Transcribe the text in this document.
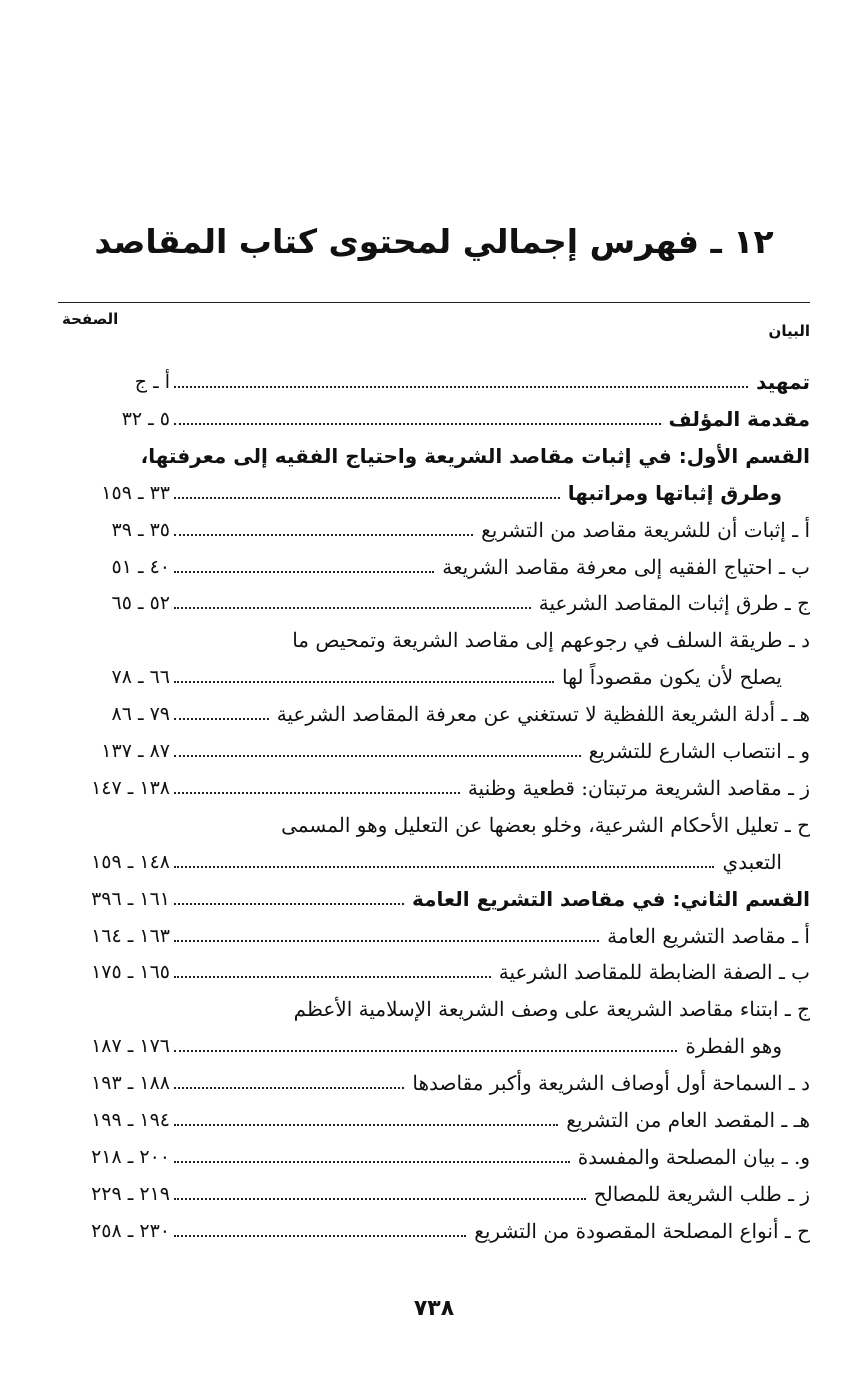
١٢ ـ فهرس إجمالي لمحتوى كتاب المقاصد
البيان
الصفحة
تمهيد
أ ـ ج
مقدمة المؤلف
٥ ـ ٣٢
القسم الأول: في إثبات مقاصد الشريعة واحتياج الفقيه إلى معرفتها،
وطرق إثباتها ومراتبها
٣٣ ـ ١٥٩
أ ـ إثبات أن للشريعة مقاصد من التشريع
٣٥ ـ ٣٩
ب ـ احتياج الفقيه إلى معرفة مقاصد الشريعة
٤٠ ـ ٥١
ج ـ طرق إثبات المقاصد الشرعية
٥٢ ـ ٦٥
د ـ طريقة السلف في رجوعهم إلى مقاصد الشريعة وتمحيص ما
يصلح لأن يكون مقصوداً لها
٦٦ ـ ٧٨
هـ ـ أدلة الشريعة اللفظية لا تستغني عن معرفة المقاصد الشرعية
٧٩ ـ ٨٦
و ـ انتصاب الشارع للتشريع
٨٧ ـ ١٣٧
ز ـ مقاصد الشريعة مرتبتان: قطعية وظنية
١٣٨ ـ ١٤٧
ح ـ تعليل الأحكام الشرعية، وخلو بعضها عن التعليل وهو المسمى
التعبدي
١٤٨ ـ ١٥٩
القسم الثاني: في مقاصد التشريع العامة
١٦١ ـ ٣٩٦
أ ـ مقاصد التشريع العامة
١٦٣ ـ ١٦٤
ب ـ الصفة الضابطة للمقاصد الشرعية
١٦٥ ـ ١٧٥
ج ـ ابتناء مقاصد الشريعة على وصف الشريعة الإسلامية الأعظم
وهو الفطرة
١٧٦ ـ ١٨٧
د ـ السماحة أول أوصاف الشريعة وأكبر مقاصدها
١٨٨ ـ ١٩٣
هـ ـ المقصد العام من التشريع
١٩٤ ـ ١٩٩
و. ـ بيان المصلحة والمفسدة
٢٠٠ ـ ٢١٨
ز ـ طلب الشريعة للمصالح
٢١٩ ـ ٢٢٩
ح ـ أنواع المصلحة المقصودة من التشريع
٢٣٠ ـ ٢٥٨
٧٣٨
